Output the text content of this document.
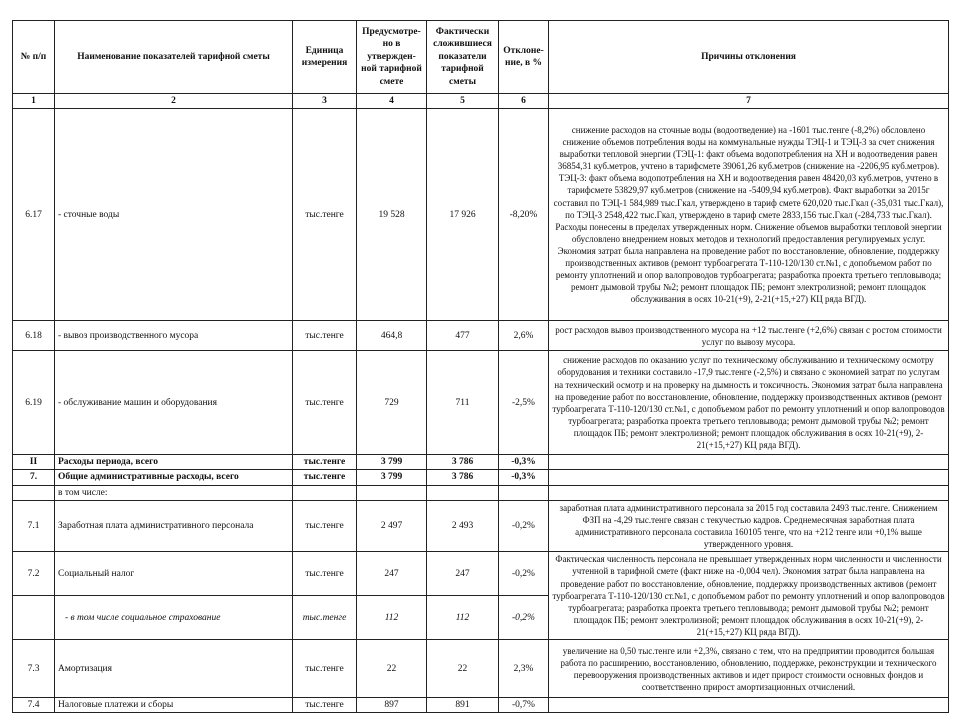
№ п/п	Наименование показателей тарифной сметы	Единица измерения	Предусмотре-но в утвержден-ной тарифной смете	Фактически сложившиеся показатели тарифной сметы	Отклоне-ние, в %	Причины отклонения
1	2	3	4	5	6	7
6.17	- сточные воды	тыс.тенге	19 528	17 926	-8,20%	снижение расходов на сточные воды (водоотведение) на -1601 тыс.тенге (-8,2%) обсловлено снижение объемов потребления воды на коммунальные нужды ТЭЦ-1 и ТЭЦ-3 за счет снижения выработки тепловой энергии (ТЭЦ-1: факт объема водопотребления на ХН и водоотведения равен 36854,31 куб.метров, учтено в тарифсмете 39061,26 куб.метров (снижение на -2206,95 куб.метров). ТЭЦ-3: факт объема водопотребления на ХН и водоотведения равен 48420,03 куб.метров, учтено в тарифсмете 53829,97 куб.метров (снижение на -5409,94 куб.метров). Факт выработки за 2015г составил по ТЭЦ-1 584,989 тыс.Гкал, утверждено в тариф смете 620,020 тыс.Гкал (-35,031 тыс.Гкал), по ТЭЦ-3 2548,422 тыс.Гкал, утверждено в тариф смете 2833,156 тыс.Гкал (-284,733 тыс.Гкал). Расходы понесены в пределах утвержденных норм. Снижение объемов выработки тепловой энергии обусловлено внедрением новых методов и технологий предоставления регулируемых услуг. Экономия затрат была направлена на проведение работ по восстановление, обновление, поддержку производственных активов (ремонт турбоагрегата Т-110-120/130 ст.№1, с допобъемом работ по ремонту уплотнений и опор валопроводов турбоагрегата; разработка проекта третьего тепловывода; ремонт дымовой трубы №2; ремонт площадок ПБ; ремонт электролизной; ремонт площадок обслуживания в осях 10-21(+9), 2-21(+15,+27) КЦ ряда ВГД).
6.18	- вывоз производственного мусора	тыс.тенге	464,8	477	2,6%	рост расходов вывоз производственного мусора на +12 тыс.тенге (+2,6%) связан с ростом стоимости услуг по вывозу мусора.
6.19	- обслуживание машин и оборудования	тыс.тенге	729	711	-2,5%	снижение расходов по оказанию услуг по техническому обслуживанию и техническому осмотру оборудования и техники составило -17,9 тыс.тенге (-2,5%) и связано с экономией затрат по услугам на технический осмотр и на проверку на дымность и токсичность. Экономия затрат была направлена на проведение работ по восстановление, обновление, поддержку производственных активов (ремонт турбоагрегата Т-110-120/130 ст.№1, с допобъемом работ по ремонту уплотнений и опор валопроводов турбоагрегата; разработка проекта третьего тепловывода; ремонт дымовой трубы №2; ремонт площадок ПБ; ремонт электролизной; ремонт площадок обслуживания в осях 10-21(+9), 2-21(+15,+27) КЦ ряда ВГД).
II	Расходы периода, всего	тыс.тенге	3 799	3 786	-0,3%	
7.	Общие административные расходы, всего	тыс.тенге	3 799	3 786	-0,3%	
	в том числе:					
7.1	Заработная плата административного персонала	тыс.тенге	2 497	2 493	-0,2%	заработная плата административного персонала за 2015 год составила 2493 тыс.тенге. Снижением ФЗП на -4,29 тыс.тенге связан с текучестью кадров. Среднемесячная заработная плата административного персонала составила 160105 тенге, что на +212 тенге или +0,1% выше утвержденного уровня.
7.2	Социальный налог	тыс.тенге	247	247	-0,2%	Фактическая численность персонала не превышает утвержденных норм численности и численности учтенной в тарифной смете (факт ниже на -0,004 чел). Экономия затрат была направлена на проведение работ по восстановление, обновление, поддержку производственных активов (ремонт турбоагрегата Т-110-120/130 ст.№1, с допобъемом работ по ремонту уплотнений и опор валопроводов турбоагрегата; разработка проекта третьего тепловывода; ремонт дымовой трубы №2; ремонт площадок ПБ; ремонт электролизной; ремонт площадок обслуживания в осях 10-21(+9), 2-21(+15,+27) КЦ ряда ВГД).
	- в том числе социальное страхование	тыс.тенге	112	112	-0,2%	
7.3	Амортизация	тыс.тенге	22	22	2,3%	увеличение на 0,50 тыс.тенге или +2,3%, связано с тем, что на предприятии проводится большая работа по расширению, восстановлению, обновлению, поддержке, реконструкции и технического перевооружения производственных активов и идет прирост стоимости основных фондов и соответственно прирост амортизационных отчислений.
7.4	Налоговые платежи и сборы	тыс.тенге	897	891	-0,7%	
